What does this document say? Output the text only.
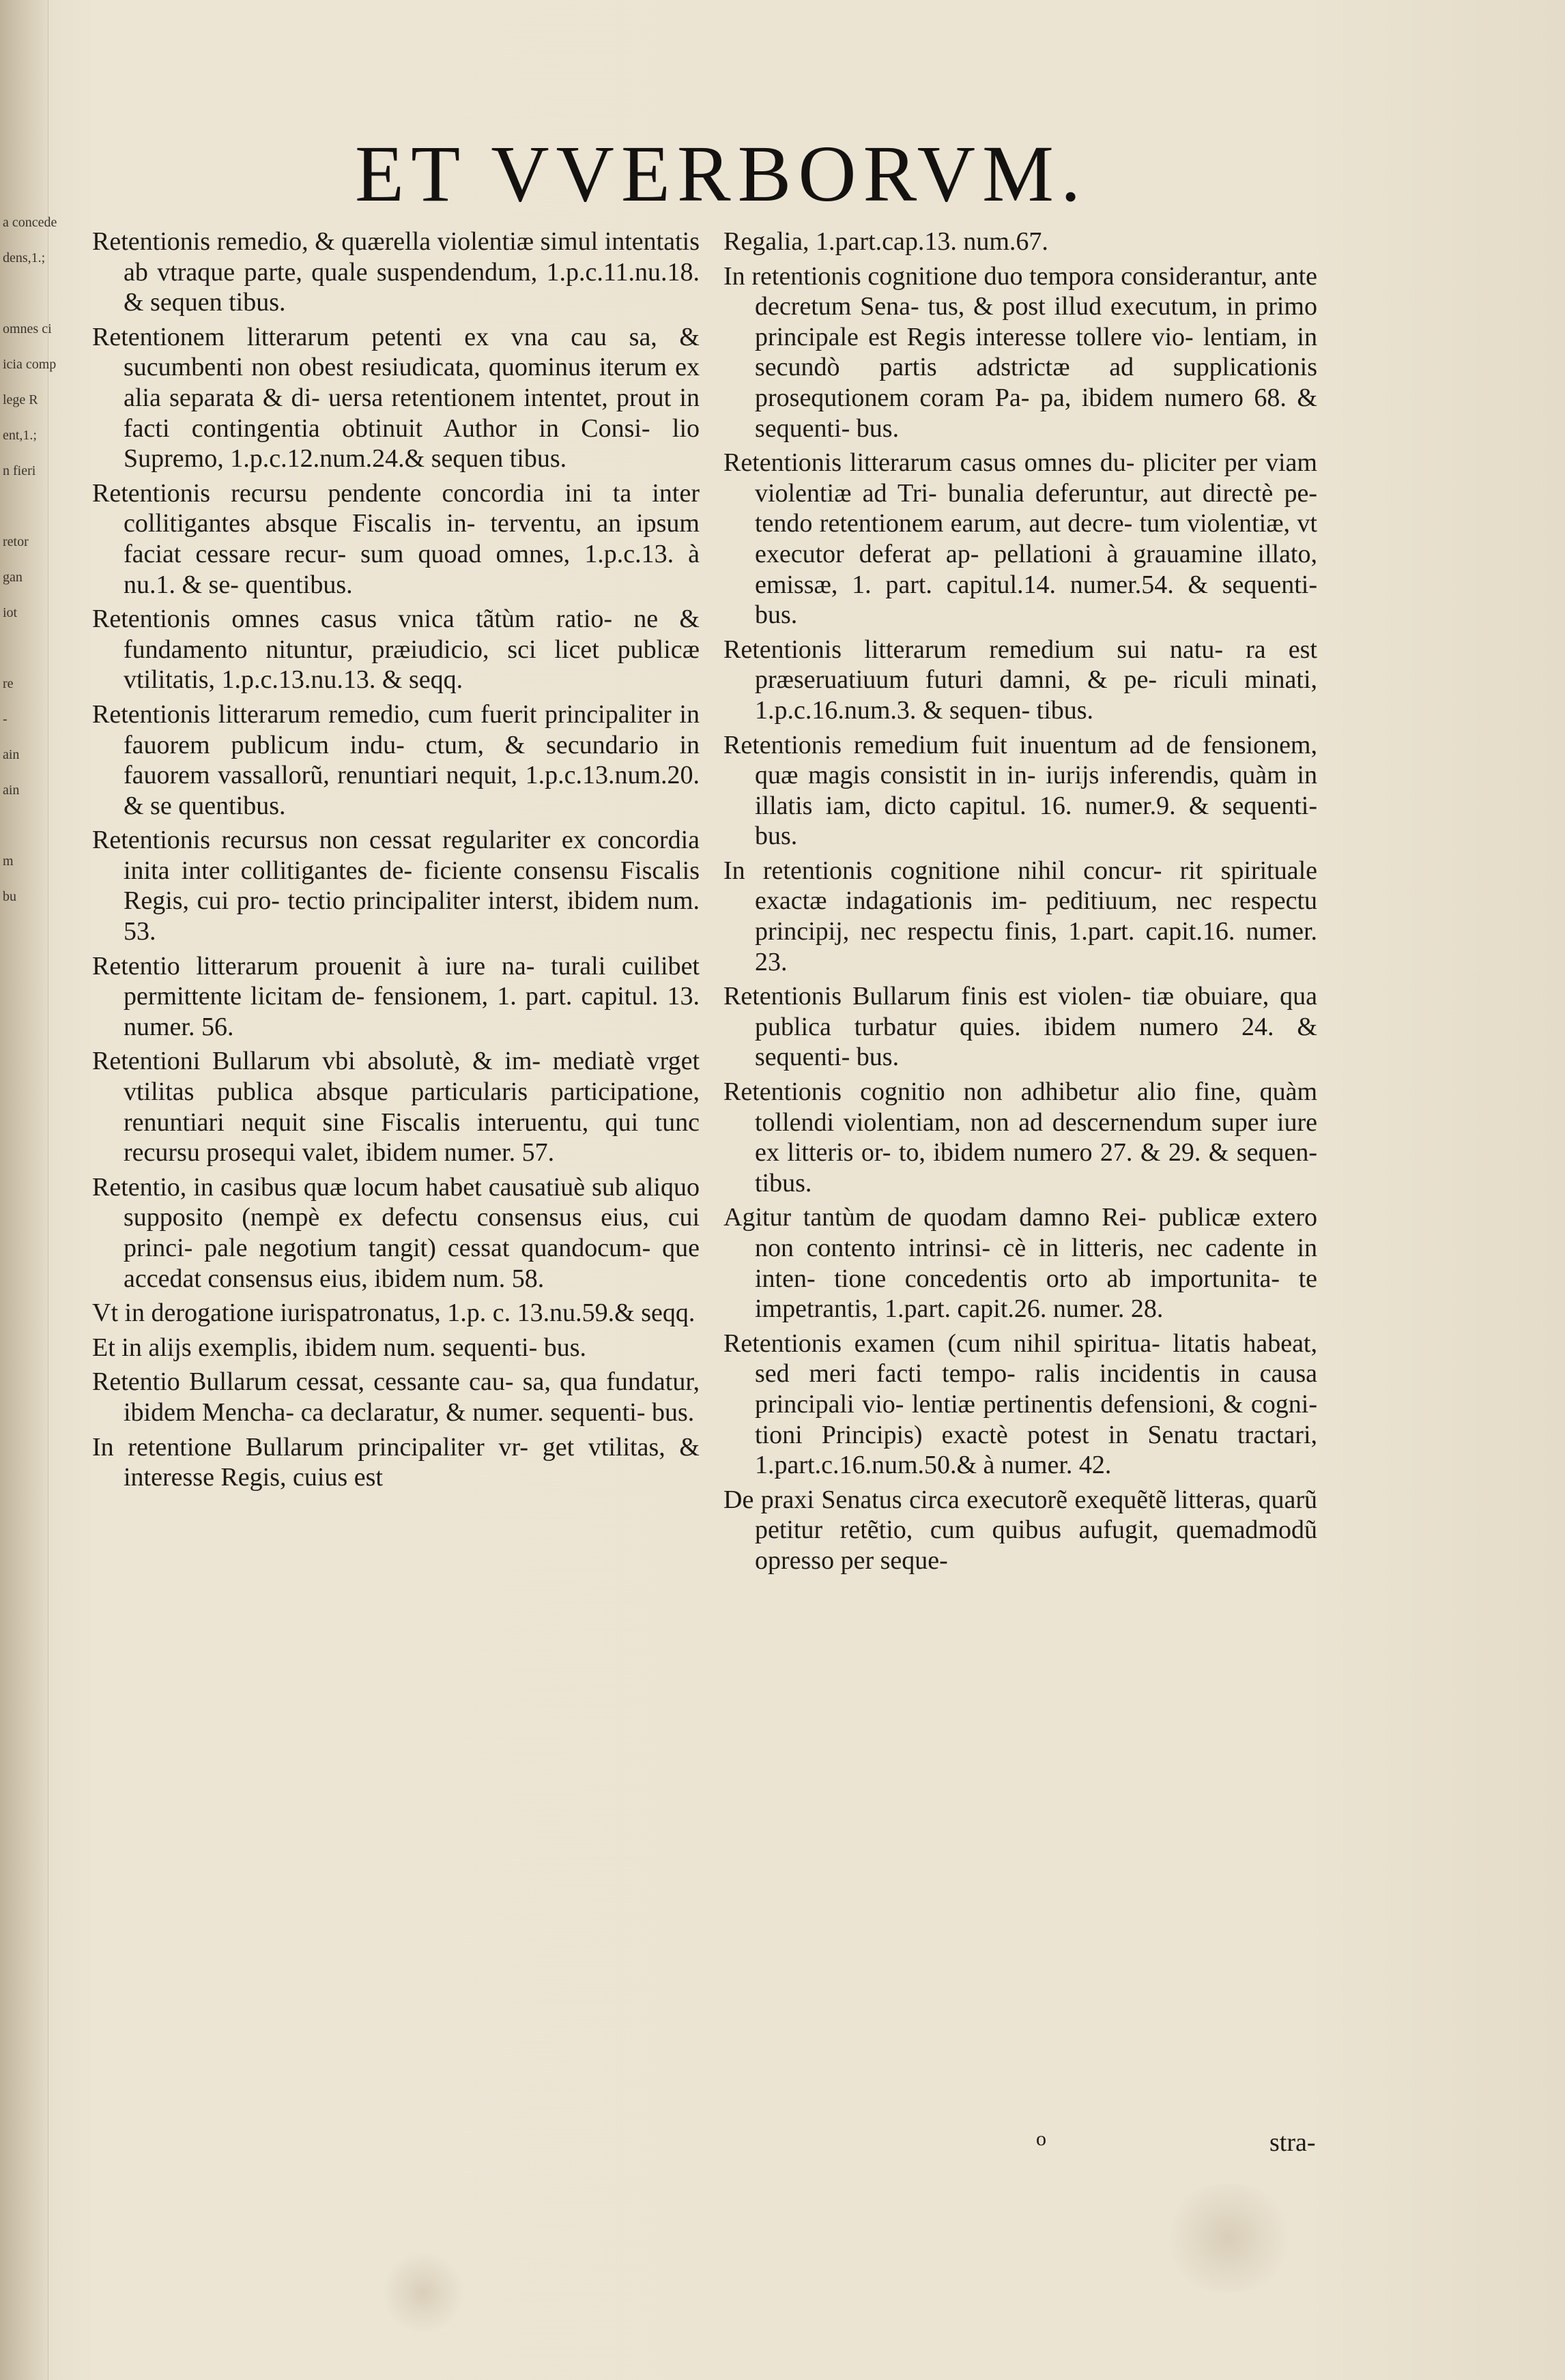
a concede
dens,1.;
omnes ci
icia comp
lege R
ent,1.;
n fieri
retor
gan
iot
re
-
ain
ain
m
bu
ET VVERBORVM.

Retentionis remedio, & quærella violentiæ simul intentatis ab vtraque parte, quale suspendendum, 1.p.c.11.nu.18. & sequen tibus.

Retentionem litterarum petenti ex vna cau sa, & sucumbenti non obest resiudicata, quominus iterum ex alia separata & di- uersa retentionem intentet, prout in facti contingentia obtinuit Author in Consi- lio Supremo, 1.p.c.12.num.24.& sequen tibus.

Retentionis recursu pendente concordia ini ta inter collitigantes absque Fiscalis in- terventu, an ipsum faciat cessare recur- sum quoad omnes, 1.p.c.13. à nu.1. & se- quentibus.

Retentionis omnes casus vnica tãtùm ratio- ne & fundamento nituntur, præiudicio, sci licet publicæ vtilitatis, 1.p.c.13.nu.13. & seqq.

Retentionis litterarum remedio, cum fuerit principaliter in fauorem publicum indu- ctum, & secundario in fauorem vassallorũ, renuntiari nequit, 1.p.c.13.num.20. & se quentibus.

Retentionis recursus non cessat regulariter ex concordia inita inter collitigantes de- ficiente consensu Fiscalis Regis, cui pro- tectio principaliter interst, ibidem num. 53.

Retentio litterarum prouenit à iure na- turali cuilibet permittente licitam de- fensionem, 1. part. capitul. 13. numer. 56.

Retentioni Bullarum vbi absolutè, & im- mediatè vrget vtilitas publica absque particularis participatione, renuntiari nequit sine Fiscalis interuentu, qui tunc recursu prosequi valet, ibidem numer. 57.

Retentio, in casibus quæ locum habet causatiuè sub aliquo supposito (nempè ex defectu consensus eius, cui princi- pale negotium tangit) cessat quandocum- que accedat consensus eius, ibidem num. 58.

Vt in derogatione iurispatronatus, 1.p. c. 13.nu.59.& seqq.

Et in alijs exemplis, ibidem num. sequenti- bus.

Retentio Bullarum cessat, cessante cau- sa, qua fundatur, ibidem Mencha- ca declaratur, & numer. sequenti- bus.

In retentione Bullarum principaliter vr- get vtilitas, & interesse Regis, cuius est

Regalia, 1.part.cap.13. num.67.

In retentionis cognitione duo tempora considerantur, ante decretum Sena- tus, & post illud executum, in primo principale est Regis interesse tollere vio- lentiam, in secundò partis adstrictæ ad supplicationis prosequtionem coram Pa- pa, ibidem numero 68. & sequenti- bus.

Retentionis litterarum casus omnes du- pliciter per viam violentiæ ad Tri- bunalia deferuntur, aut directè pe- tendo retentionem earum, aut decre- tum violentiæ, vt executor deferat ap- pellationi à grauamine illato, emissæ, 1. part. capitul.14. numer.54. & sequenti- bus.

Retentionis litterarum remedium sui natu- ra est præseruatiuum futuri damni, & pe- riculi minati, 1.p.c.16.num.3. & sequen- tibus.

Retentionis remedium fuit inuentum ad de fensionem, quæ magis consistit in in- iurijs inferendis, quàm in illatis iam, dicto capitul. 16. numer.9. & sequenti- bus.

In retentionis cognitione nihil concur- rit spirituale exactæ indagationis im- peditiuum, nec respectu principij, nec respectu finis, 1.part. capit.16. numer. 23.

Retentionis Bullarum finis est violen- tiæ obuiare, qua publica turbatur quies. ibidem numero 24. & sequenti- bus.

Retentionis cognitio non adhibetur alio fine, quàm tollendi violentiam, non ad descernendum super iure ex litteris or- to, ibidem numero 27. & 29. & sequen- tibus.

Agitur tantùm de quodam damno Rei- publicæ extero non contento intrinsi- cè in litteris, nec cadente in inten- tione concedentis orto ab importunita- te impetrantis, 1.part. capit.26. numer. 28.

Retentionis examen (cum nihil spiritua- litatis habeat, sed meri facti tempo- ralis incidentis in causa principali vio- lentiæ pertinentis defensioni, & cogni- tioni Principis) exactè potest in Senatu tractari, 1.part.c.16.num.50.& à numer. 42.

De praxi Senatus circa executorẽ exequẽtẽ litteras, quarũ petitur retẽtio, cum quibus aufugit, quemadmodũ opresso per seque-

o	stra-
